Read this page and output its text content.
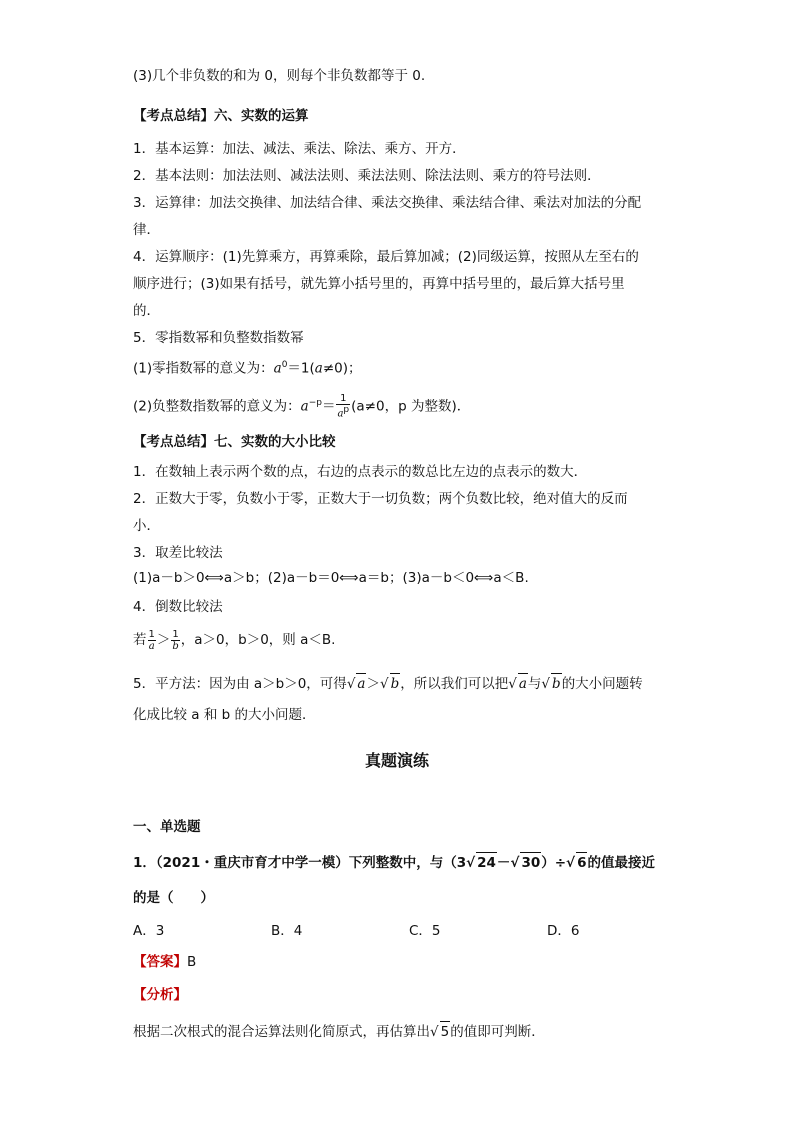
(3)几个非负数的和为 0，则每个非负数都等于 0.
【考点总结】六、实数的运算
1．基本运算：加法、减法、乘法、除法、乘方、开方．
2．基本法则：加法法则、减法法则、乘法法则、除法法则、乘方的符号法则．
3．运算律：加法交换律、加法结合律、乘法交换律、乘法结合律、乘法对加法的分配
律．
4．运算顺序：(1)先算乘方，再算乘除，最后算加减；(2)同级运算，按照从左至右的
顺序进行；(3)如果有括号，就先算小括号里的，再算中括号里的，最后算大括号里
的．
5．零指数幂和负整数指数幂
(1)零指数幂的意义为：$a^0=1(a\ne 0)$；
(2)负整数指数幂的意义为：$a^{-p}= \frac{1}{a^p} (a\ne 0$，p 为整数)．
【考点总结】七、实数的大小比较
1．在数轴上表示两个数的点，右边的点表示的数总比左边的点表示的数大．
2．正数大于零，负数小于零，正数大于一切负数；两个负数比较，绝对值大的反而
小．
3．取差比较法
(1)a－b＞0⟺a＞b；(2)a－b＝0⟺a＝b；(3)a－b＜0⟺a＜B.
4．倒数比较法
若 $\frac{1}{a} > \frac{1}{b}$ ，a＞0，b＞0，则 a＜B.
5．平方法：因为由 a＞b＞0，可得√ a＞√ b，所以我们可以把√ a与√ b的大小问题转
化成比较 a 和 b 的大小问题．
真题演练
一、单选题
1．（2021・重庆市育才中学一模）下列整数中，与（3√ 24－√ 30）÷√ 6的值最接近
的是（　　）
A．3	B．4	C．5	D．6
【答案】B
【分析】
根据二次根式的混合运算法则化简原式，再估算出√ 5的值即可判断．
